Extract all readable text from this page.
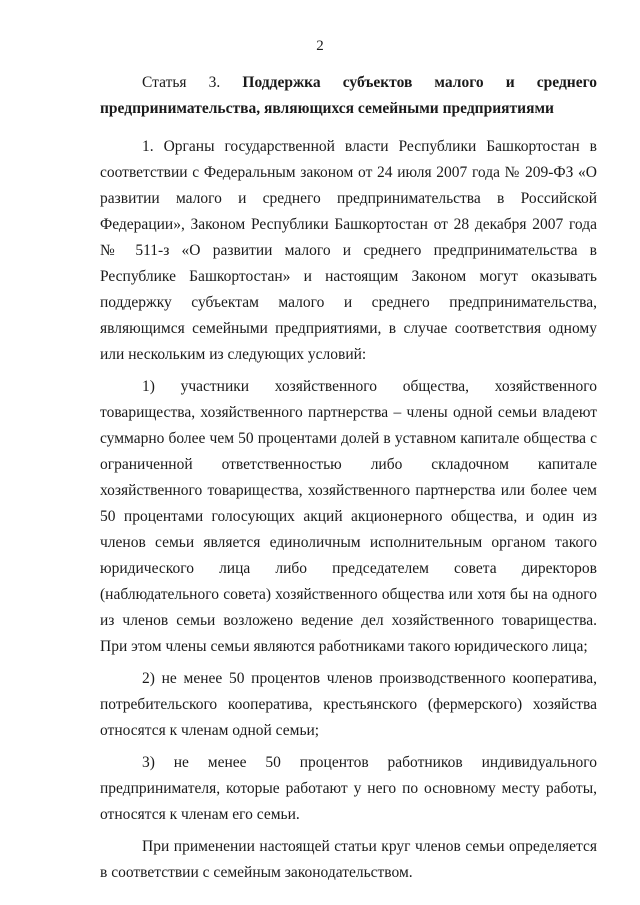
2

Статья 3. Поддержка субъектов малого и среднего предпринимательства, являющихся семейными предприятиями

1. Органы государственной власти Республики Башкортостан в соответствии с Федеральным законом от 24 июля 2007 года № 209-ФЗ «О развитии малого и среднего предпринимательства в Российской Федерации», Законом Республики Башкортостан от 28 декабря 2007 года № 511-з «О развитии малого и среднего предпринимательства в Республике Башкортостан» и настоящим Законом могут оказывать поддержку субъектам малого и среднего предпринимательства, являющимся семейными предприятиями, в случае соответствия одному или нескольким из следующих условий:

1) участники хозяйственного общества, хозяйственного товарищества, хозяйственного партнерства – члены одной семьи владеют суммарно более чем 50 процентами долей в уставном капитале общества с ограниченной ответственностью либо складочном капитале хозяйственного товарищества, хозяйственного партнерства или более чем 50 процентами голосующих акций акционерного общества, и один из членов семьи является единоличным исполнительным органом такого юридического лица либо председателем совета директоров (наблюдательного совета) хозяйственного общества или хотя бы на одного из членов семьи возложено ведение дел хозяйственного товарищества. При этом члены семьи являются работниками такого юридического лица;

2) не менее 50 процентов членов производственного кооператива, потребительского кооператива, крестьянского (фермерского) хозяйства относятся к членам одной семьи;

3) не менее 50 процентов работников индивидуального предпринимателя, которые работают у него по основному месту работы, относятся к членам его семьи.

При применении настоящей статьи круг членов семьи определяется в соответствии с семейным законодательством.
